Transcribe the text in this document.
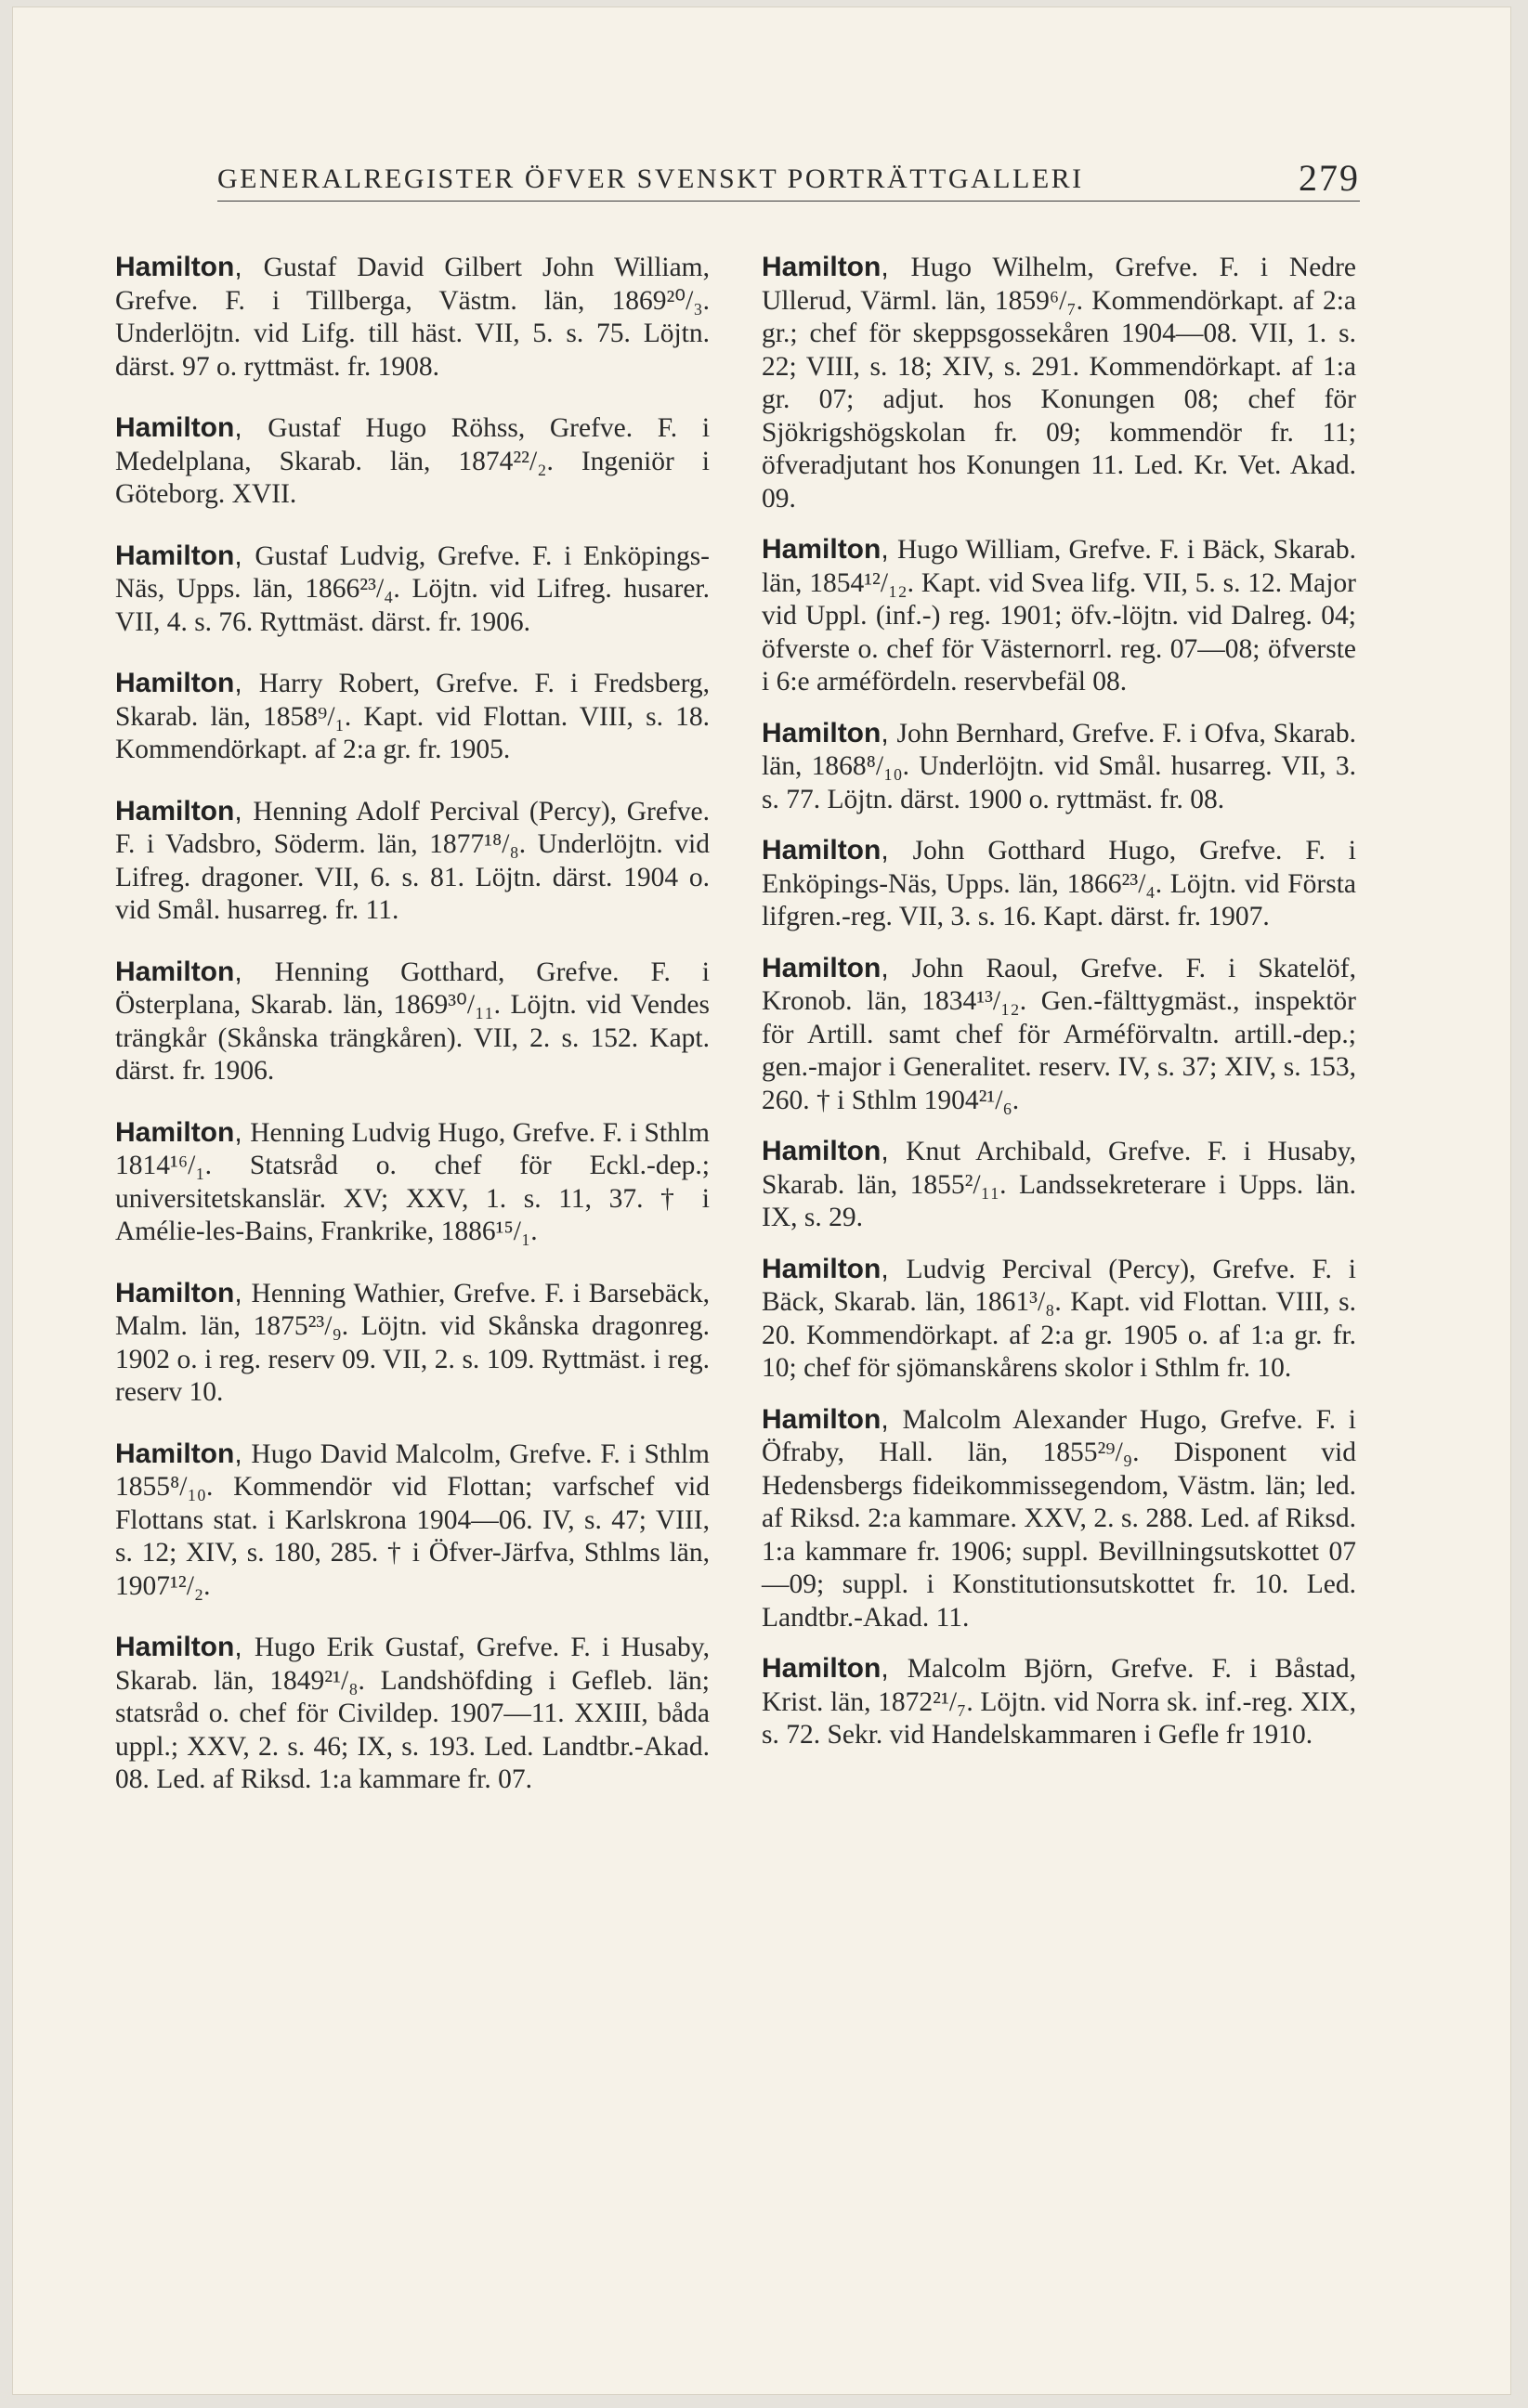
GENERALREGISTER ÖFVER SVENSKT PORTRÄTTGALLERI	279

Hamilton , Gustaf David Gilbert John William, Grefve. F. i Tillberga, Västm. län, 1869²⁰/₃. Underlöjtn. vid Lifg. till häst. VII, 5. s. 75. Löjtn. därst. 97 o. ryttmäst. fr. 1908.

Hamilton , Gustaf Hugo Röhss, Grefve. F. i Medelplana, Skarab. län, 1874²²/₂. Ingeniör i Göteborg. XVII.

Hamilton , Gustaf Ludvig, Grefve. F. i Enköpings-Näs, Upps. län, 1866²³/₄. Löjtn. vid Lifreg. husarer. VII, 4. s. 76. Ryttmäst. därst. fr. 1906.

Hamilton , Harry Robert, Grefve. F. i Fredsberg, Skarab. län, 1858⁹/₁. Kapt. vid Flottan. VIII, s. 18. Kommendörkapt. af 2:a gr. fr. 1905.

Hamilton , Henning Adolf Percival (Percy), Grefve. F. i Vadsbro, Söderm. län, 1877¹⁸/₈. Underlöjtn. vid Lifreg. dragoner. VII, 6. s. 81. Löjtn. därst. 1904 o. vid Smål. husarreg. fr. 11.

Hamilton , Henning Gotthard, Grefve. F. i Österplana, Skarab. län, 1869³⁰/₁₁. Löjtn. vid Vendes trängkår (Skånska trängkåren). VII, 2. s. 152. Kapt. därst. fr. 1906.

Hamilton , Henning Ludvig Hugo, Grefve. F. i Sthlm 1814¹⁶/₁. Statsråd o. chef för Eckl.-dep.; universitetskanslär. XV; XXV, 1. s. 11, 37. † i Amélie-les-Bains, Frankrike, 1886¹⁵/₁.

Hamilton , Henning Wathier, Grefve. F. i Barsebäck, Malm. län, 1875²³/₉. Löjtn. vid Skånska dragonreg. 1902 o. i reg. reserv 09. VII, 2. s. 109. Ryttmäst. i reg. reserv 10.

Hamilton , Hugo David Malcolm, Grefve. F. i Sthlm 1855⁸/₁₀. Kommendör vid Flottan; varfschef vid Flottans stat. i Karlskrona 1904—06. IV, s. 47; VIII, s. 12; XIV, s. 180, 285. † i Öfver-Järfva, Sthlms län, 1907¹²/₂.

Hamilton , Hugo Erik Gustaf, Grefve. F. i Husaby, Skarab. län, 1849²¹/₈. Landshöfding i Gefleb. län; statsråd o. chef för Civildep. 1907—11. XXIII, båda uppl.; XXV, 2. s. 46; IX, s. 193. Led. Landtbr.-Akad. 08. Led. af Riksd. 1:a kammare fr. 07.

Hamilton , Hugo Wilhelm, Grefve. F. i Nedre Ullerud, Värml. län, 1859⁶/₇. Kommendörkapt. af 2:a gr.; chef för skeppsgossekåren 1904—08. VII, 1. s. 22; VIII, s. 18; XIV, s. 291. Kommendörkapt. af 1:a gr. 07; adjut. hos Konungen 08; chef för Sjökrigshögskolan fr. 09; kommendör fr. 11; öfveradjutant hos Konungen 11. Led. Kr. Vet. Akad. 09.

Hamilton , Hugo William, Grefve. F. i Bäck, Skarab. län, 1854¹²/₁₂. Kapt. vid Svea lifg. VII, 5. s. 12. Major vid Uppl. (inf.-) reg. 1901; öfv.-löjtn. vid Dalreg. 04; öfverste o. chef för Västernorrl. reg. 07—08; öfverste i 6:e arméfördeln. reservbefäl 08.

Hamilton , John Bernhard, Grefve. F. i Ofva, Skarab. län, 1868⁸/₁₀. Underlöjtn. vid Smål. husarreg. VII, 3. s. 77. Löjtn. därst. 1900 o. ryttmäst. fr. 08.

Hamilton , John Gotthard Hugo, Grefve. F. i Enköpings-Näs, Upps. län, 1866²³/₄. Löjtn. vid Första lifgren.-reg. VII, 3. s. 16. Kapt. därst. fr. 1907.

Hamilton , John Raoul, Grefve. F. i Skatelöf, Kronob. län, 1834¹³/₁₂. Gen.-fälttygmäst., inspektör för Artill. samt chef för Arméförvaltn. artill.-dep.; gen.-major i Generalitet. reserv. IV, s. 37; XIV, s. 153, 260. † i Sthlm 1904²¹/₆.

Hamilton , Knut Archibald, Grefve. F. i Husaby, Skarab. län, 1855²/₁₁. Landssekreterare i Upps. län. IX, s. 29.

Hamilton , Ludvig Percival (Percy), Grefve. F. i Bäck, Skarab. län, 1861³/₈. Kapt. vid Flottan. VIII, s. 20. Kommendörkapt. af 2:a gr. 1905 o. af 1:a gr. fr. 10; chef för sjömanskårens skolor i Sthlm fr. 10.

Hamilton , Malcolm Alexander Hugo, Grefve. F. i Öfraby, Hall. län, 1855²⁹/₉. Disponent vid Hedensbergs fideikommissegendom, Västm. län; led. af Riksd. 2:a kammare. XXV, 2. s. 288. Led. af Riksd. 1:a kammare fr. 1906; suppl. Bevillningsutskottet 07—09; suppl. i Konstitutionsutskottet fr. 10. Led. Landtbr.-Akad. 11.

Hamilton , Malcolm Björn, Grefve. F. i Båstad, Krist. län, 1872²¹/₇. Löjtn. vid Norra sk. inf.-reg. XIX, s. 72. Sekr. vid Handelskammaren i Gefle fr 1910.
